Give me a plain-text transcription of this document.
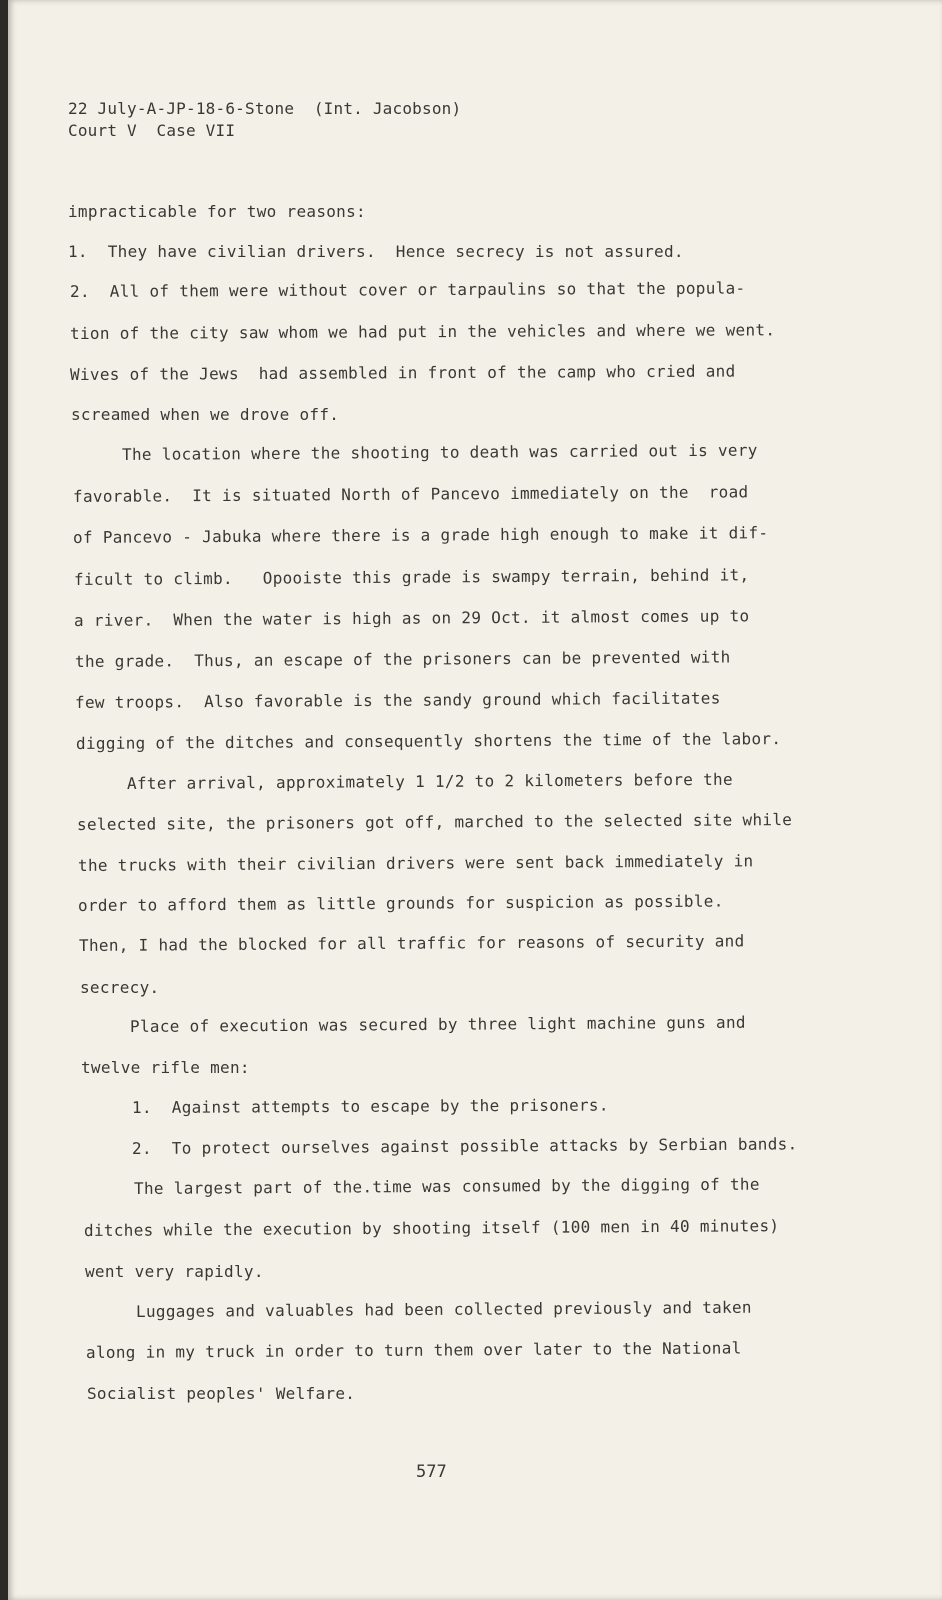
22 July-A-JP-18-6-Stone  (Int. Jacobson)
Court V  Case VII
impracticable for two reasons:
1.  They have civilian drivers.  Hence secrecy is not assured.
2.  All of them were without cover or tarpaulins so that the popula-
tion of the city saw whom we had put in the vehicles and where we went.
Wives of the Jews  had assembled in front of the camp who cried and
screamed when we drove off.
The location where the shooting to death was carried out is very
favorable.  It is situated North of Pancevo immediately on the  road
of Pancevo - Jabuka where there is a grade high enough to make it dif-
ficult to climb.   Opooiste this grade is swampy terrain, behind it,
a river.  When the water is high as on 29 Oct. it almost comes up to
the grade.  Thus, an escape of the prisoners can be prevented with
few troops.  Also favorable is the sandy ground which facilitates
digging of the ditches and consequently shortens the time of the labor.
After arrival, approximately 1 1/2 to 2 kilometers before the
selected site, the prisoners got off, marched to the selected site while
the trucks with their civilian drivers were sent back immediately in
order to afford them as little grounds for suspicion as possible.
Then, I had the blocked for all traffic for reasons of security and
secrecy.
Place of execution was secured by three light machine guns and
twelve rifle men:
1.  Against attempts to escape by the prisoners.
2.  To protect ourselves against possible attacks by Serbian bands.
The largest part of the.time was consumed by the digging of the
ditches while the execution by shooting itself (100 men in 40 minutes)
went very rapidly.
Luggages and valuables had been collected previously and taken
along in my truck in order to turn them over later to the National
Socialist peoples' Welfare.
577
